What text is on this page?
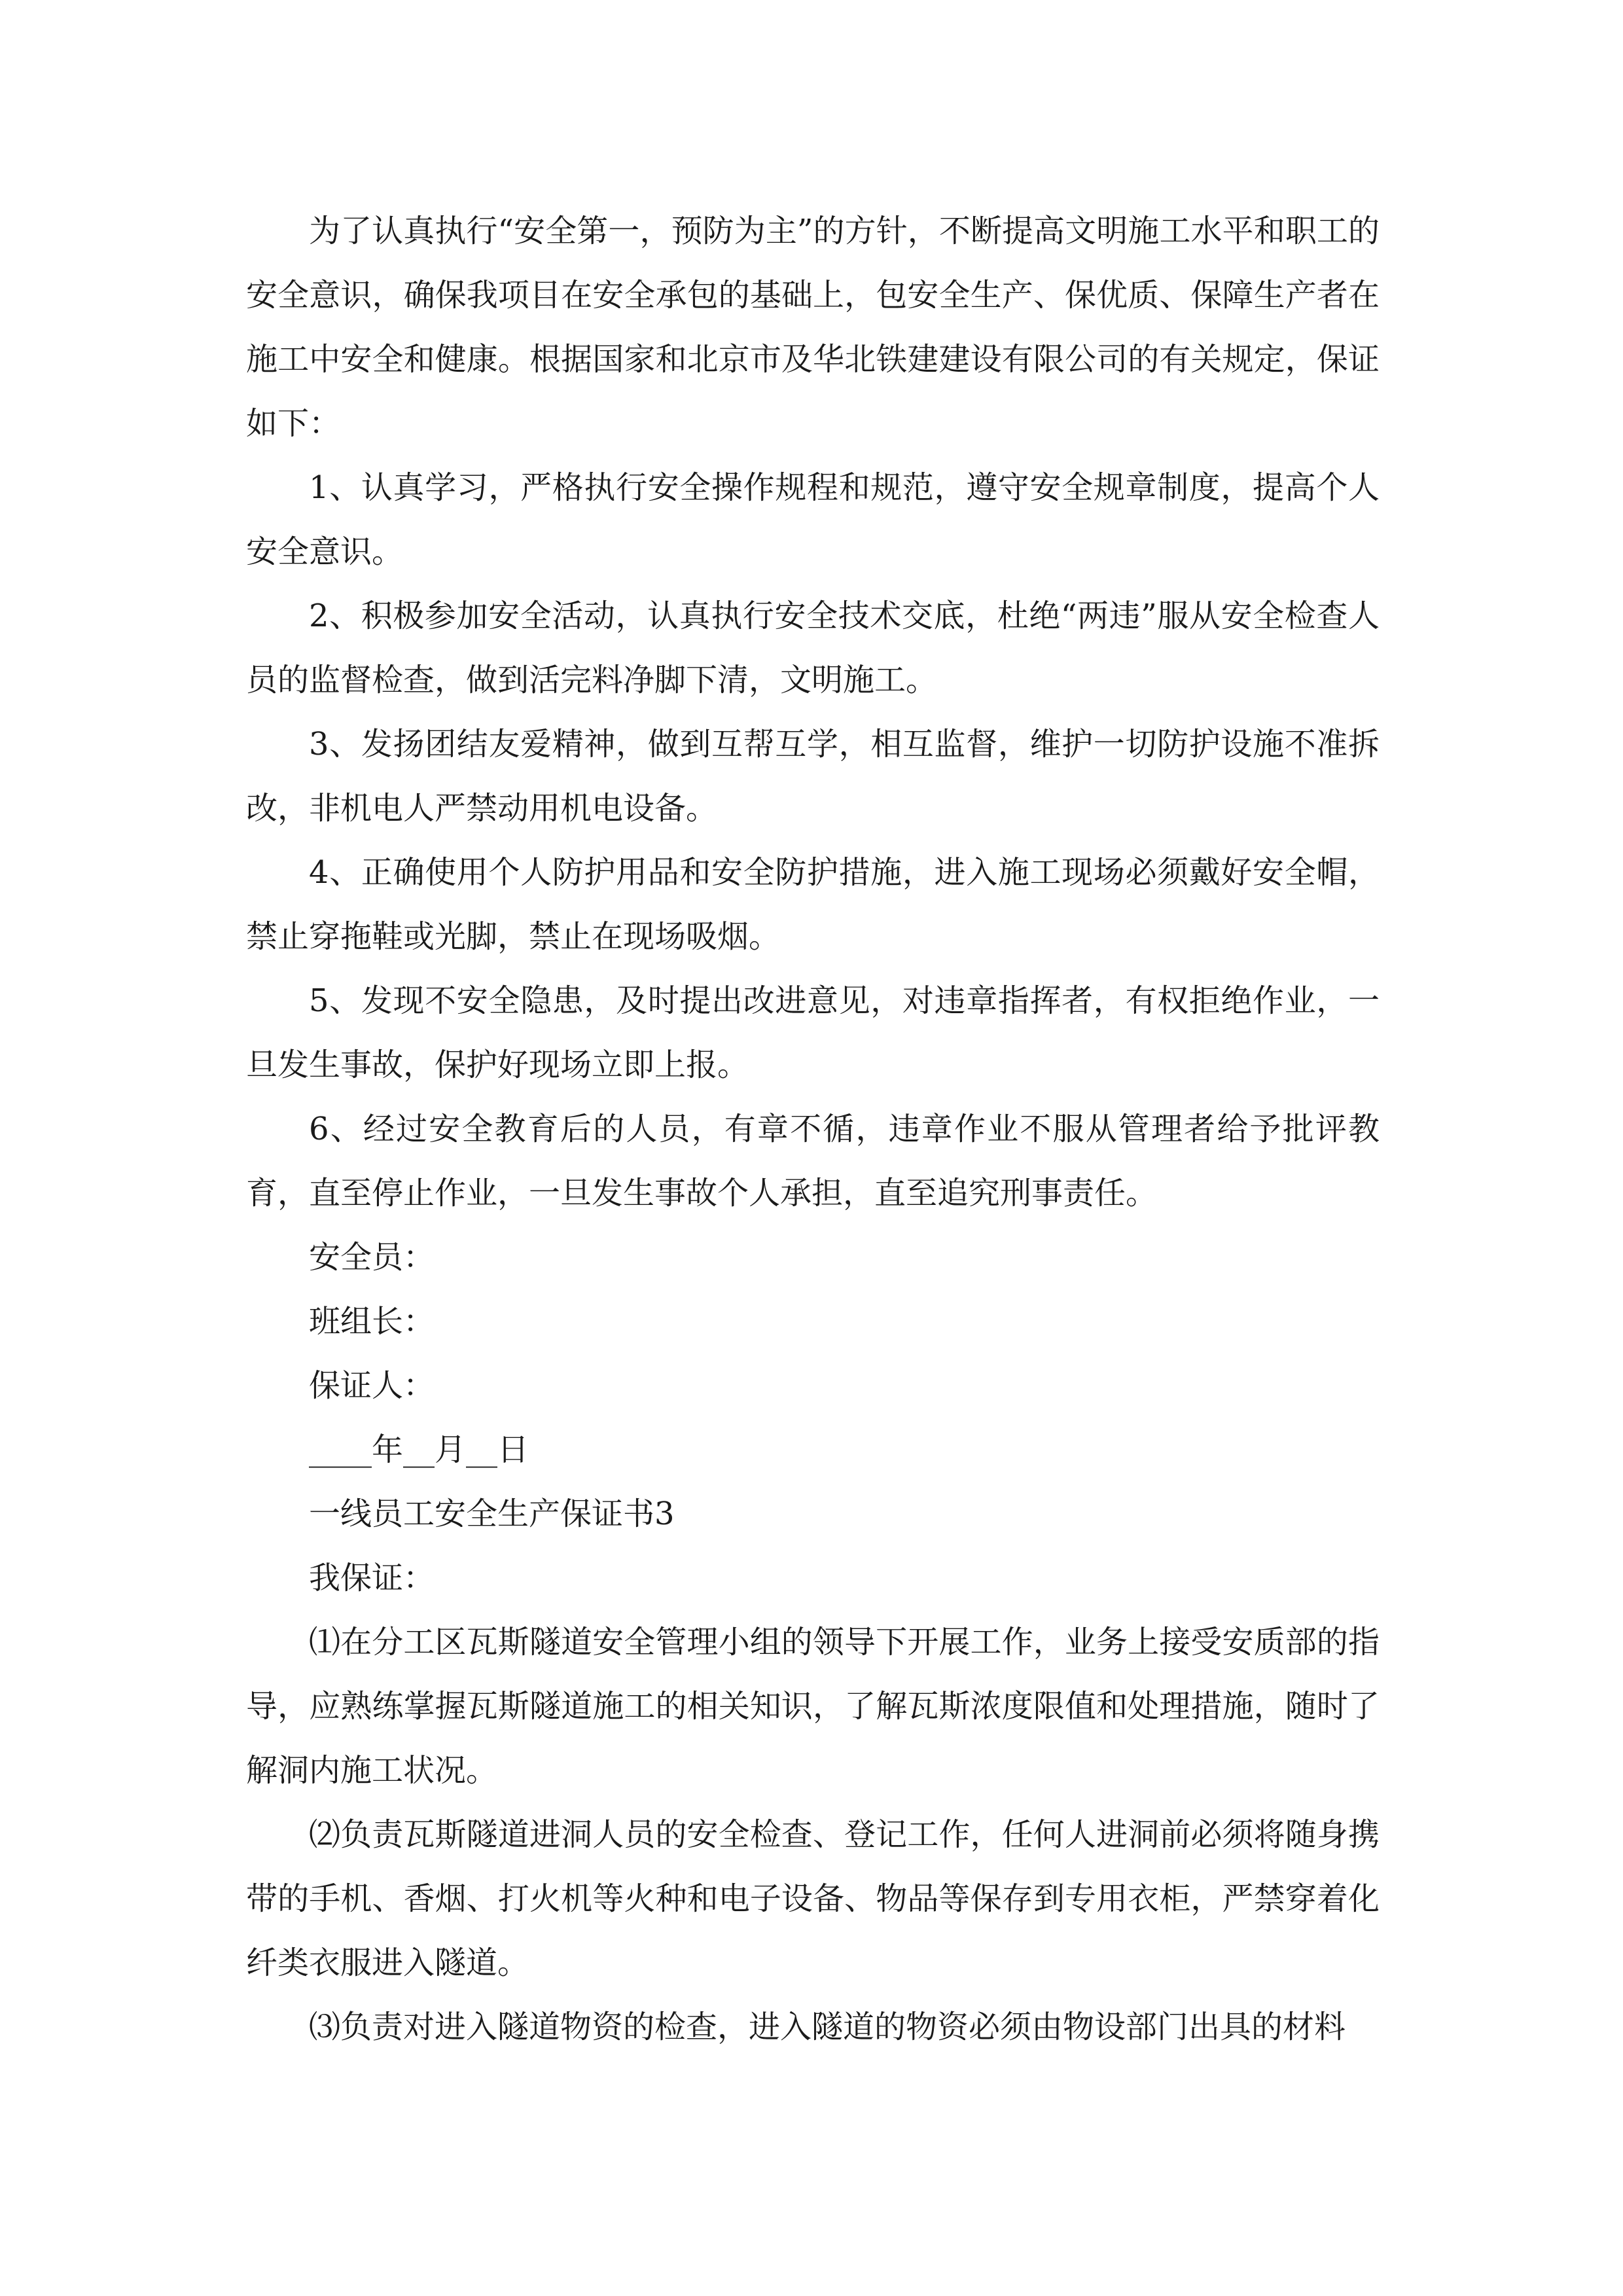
为了认真执行“安全第一，预防为主”的方针，不断提高文明施工水平和职工的安全意识，确保我项目在安全承包的基础上，包安全生产、保优质、保障生产者在施工中安全和健康。根据国家和北京市及华北铁建建设有限公司的有关规定，保证如下：

1、认真学习，严格执行安全操作规程和规范，遵守安全规章制度，提高个人安全意识。

2、积极参加安全活动，认真执行安全技术交底，杜绝“两违”服从安全检查人员的监督检查，做到活完料净脚下清，文明施工。

3、发扬团结友爱精神，做到互帮互学，相互监督，维护一切防护设施不准拆改，非机电人严禁动用机电设备。

4、正确使用个人防护用品和安全防护措施，进入施工现场必须戴好安全帽，禁止穿拖鞋或光脚，禁止在现场吸烟。

5、发现不安全隐患，及时提出改进意见，对违章指挥者，有权拒绝作业，一旦发生事故，保护好现场立即上报。

6、经过安全教育后的人员，有章不循，违章作业不服从管理者给予批评教育，直至停止作业，一旦发生事故个人承担，直至追究刑事责任。

安全员：

班组长：

保证人：

____年__月__日

一线员工安全生产保证书3

我保证：

⑴在分工区瓦斯隧道安全管理小组的领导下开展工作，业务上接受安质部的指导，应熟练掌握瓦斯隧道施工的相关知识，了解瓦斯浓度限值和处理措施，随时了解洞内施工状况。

⑵负责瓦斯隧道进洞人员的安全检查、登记工作，任何人进洞前必须将随身携带的手机、香烟、打火机等火种和电子设备、物品等保存到专用衣柜，严禁穿着化纤类衣服进入隧道。

⑶负责对进入隧道物资的检查，进入隧道的物资必须由物设部门出具的材料
